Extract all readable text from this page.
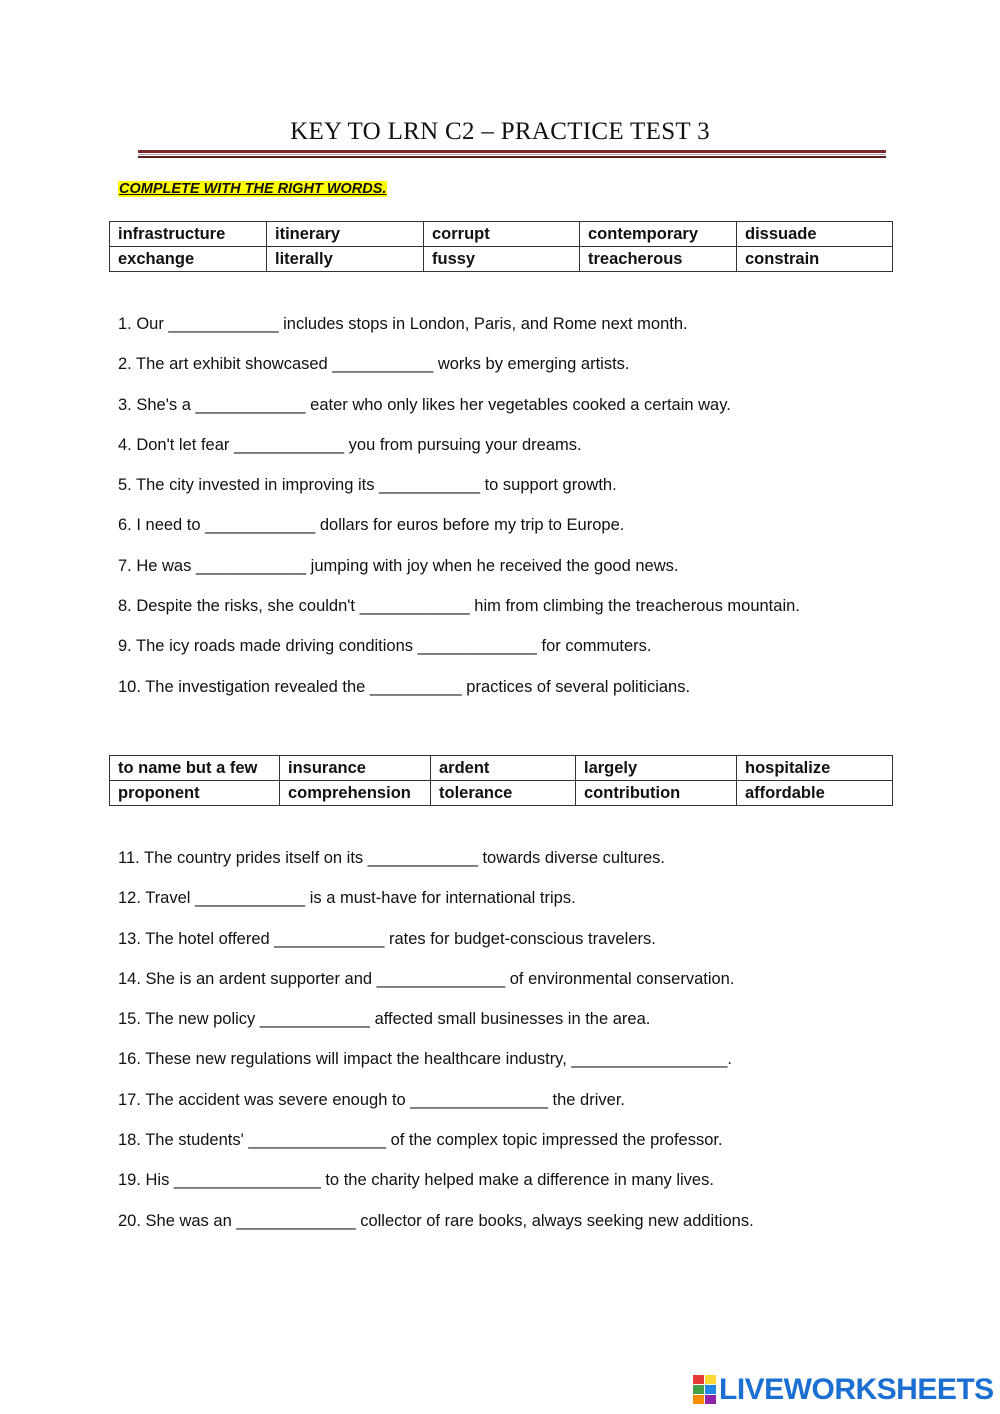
KEY TO LRN C2 – PRACTICE TEST 3
COMPLETE WITH THE RIGHT WORDS.
infrastructure	itinerary	corrupt	contemporary	dissuade
exchange	literally	fussy	treacherous	constrain
1. Our ____________ includes stops in London, Paris, and Rome next month.
2. The art exhibit showcased ___________ works by emerging artists.
3. She's a ____________ eater who only likes her vegetables cooked a certain way.
4. Don't let fear ____________ you from pursuing your dreams.
5. The city invested in improving its ___________ to support growth.
6. I need to ____________ dollars for euros before my trip to Europe.
7. He was ____________ jumping with joy when he received the good news.
8. Despite the risks, she couldn't ____________ him from climbing the treacherous mountain.
9. The icy roads made driving conditions _____________ for commuters.
10. The investigation revealed the __________ practices of several politicians.
to name but a few	insurance	ardent	largely	hospitalize
proponent	comprehension	tolerance	contribution	affordable
11. The country prides itself on its ____________ towards diverse cultures.
12. Travel ____________ is a must-have for international trips.
13. The hotel offered ____________ rates for budget-conscious travelers.
14. She is an ardent supporter and ______________ of environmental conservation.
15. The new policy ____________ affected small businesses in the area.
16. These new regulations will impact the healthcare industry, _________________.
17. The accident was severe enough to _______________ the driver.
18. The students' _______________ of the complex topic impressed the professor.
19. His ________________ to the charity helped make a difference in many lives.
20. She was an _____________ collector of rare books, always seeking new additions.
LIVEWORKSHEETS
